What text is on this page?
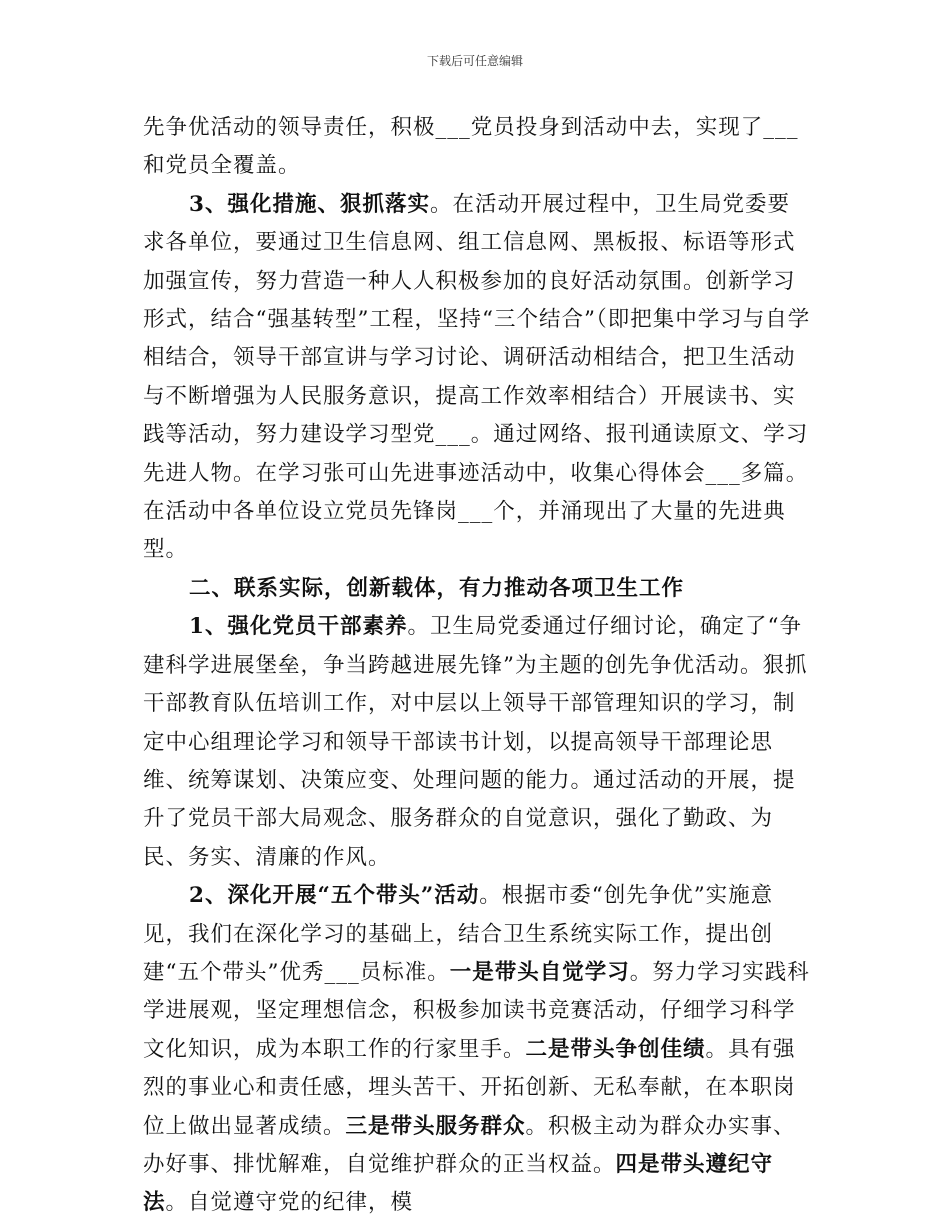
下载后可任意编辑

先争优活动的领导责任，积极___党员投身到活动中去，实现了___和党员全覆盖。

3、强化措施、狠抓落实。在活动开展过程中，卫生局党委要求各单位，要通过卫生信息网、组工信息网、黑板报、标语等形式加强宣传，努力营造一种人人积极参加的良好活动氛围。创新学习形式，结合“强基转型”工程，坚持“三个结合”（即把集中学习与自学相结合，领导干部宣讲与学习讨论、调研活动相结合，把卫生活动与不断增强为人民服务意识，提高工作效率相结合）开展读书、实践等活动，努力建设学习型党___。通过网络、报刊通读原文、学习先进人物。在学习张可山先进事迹活动中，收集心得体会___多篇。在活动中各单位设立党员先锋岗___个，并涌现出了大量的先进典型。

二、联系实际，创新载体，有力推动各项卫生工作

1、强化党员干部素养。卫生局党委通过仔细讨论，确定了“争建科学进展堡垒，争当跨越进展先锋”为主题的创先争优活动。狠抓干部教育队伍培训工作，对中层以上领导干部管理知识的学习，制定中心组理论学习和领导干部读书计划，以提高领导干部理论思维、统筹谋划、决策应变、处理问题的能力。通过活动的开展，提升了党员干部大局观念、服务群众的自觉意识，强化了勤政、为民、务实、清廉的作风。

2、深化开展“五个带头”活动。根据市委“创先争优”实施意见，我们在深化学习的基础上，结合卫生系统实际工作，提出创建“五个带头”优秀___员标准。一是带头自觉学习。努力学习实践科学进展观，坚定理想信念，积极参加读书竞赛活动，仔细学习科学文化知识，成为本职工作的行家里手。二是带头争创佳绩。具有强烈的事业心和责任感，埋头苦干、开拓创新、无私奉献，在本职岗位上做出显著成绩。三是带头服务群众。积极主动为群众办实事、办好事、排忧解难，自觉维护群众的正当权益。四是带头遵纪守法。自觉遵守党的纪律，模
